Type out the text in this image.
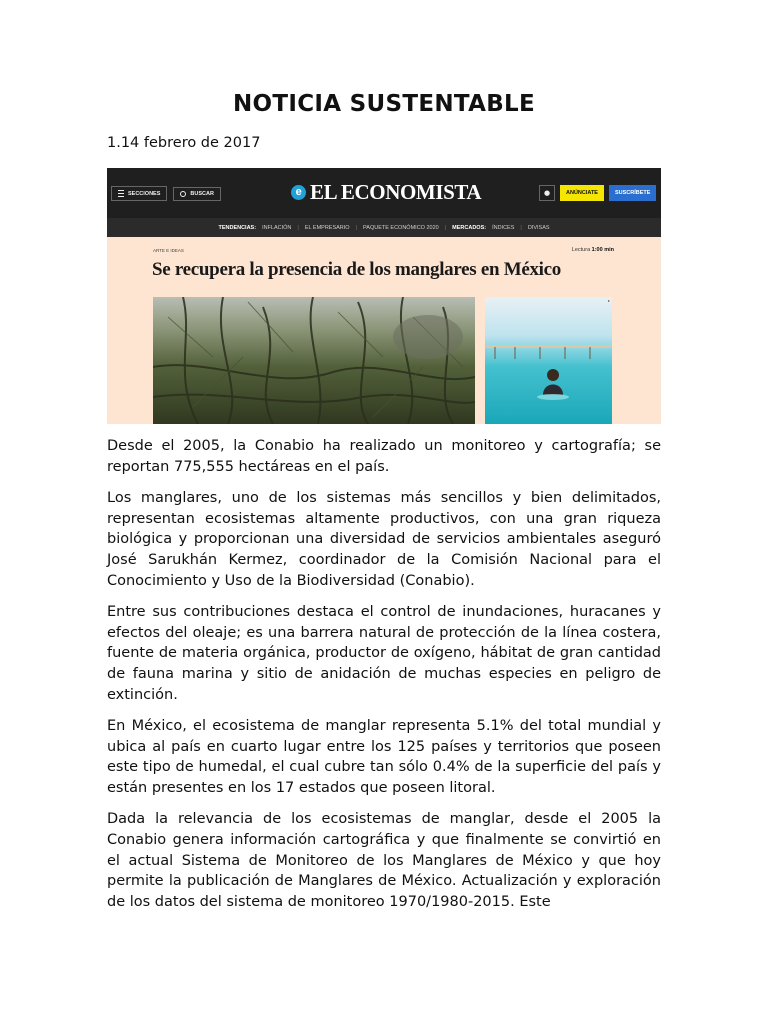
NOTICIA SUSTENTABLE
1.14 febrero de 2017
SECCIONES	BUSCAR	e EL ECONOMISTA	●	ANÚNCIATE	SUSCRÍBETE
TENDENCIAS: INFLACIÓN | EL EMPRESARIO | PAQUETE ECONÓMICO 2020 | MERCADOS: ÍNDICES | DIVISAS
ARTE E IDEAS	Lectura 1:00 min
Se recupera la presencia de los manglares en México
▸

Desde el 2005, la Conabio ha realizado un monitoreo y cartografía; se reportan 775,555 hectáreas en el país.

Los manglares, uno de los sistemas más sencillos y bien delimitados, representan ecosistemas altamente productivos, con una gran riqueza biológica y proporcionan una diversidad de servicios ambientales aseguró José Sarukhán Kermez, coordinador de la Comisión Nacional para el Conocimiento y Uso de la Biodiversidad (Conabio).

Entre sus contribuciones destaca el control de inundaciones, huracanes y efectos del oleaje; es una barrera natural de protección de la línea costera, fuente de materia orgánica, productor de oxígeno, hábitat de gran cantidad de fauna marina y sitio de anidación de muchas especies en peligro de extinción.

En México, el ecosistema de manglar representa 5.1% del total mundial y ubica al país en cuarto lugar entre los 125 países y territorios que poseen este tipo de humedal, el cual cubre tan sólo 0.4% de la superficie del país y están presentes en los 17 estados que poseen litoral.

Dada la relevancia de los ecosistemas de manglar, desde el 2005 la Conabio genera información cartográfica y que finalmente se convirtió en el actual Sistema de Monitoreo de los Manglares de México y que hoy permite la publicación de Manglares de México. Actualización y exploración de los datos del sistema de monitoreo 1970/1980-2015. Este
